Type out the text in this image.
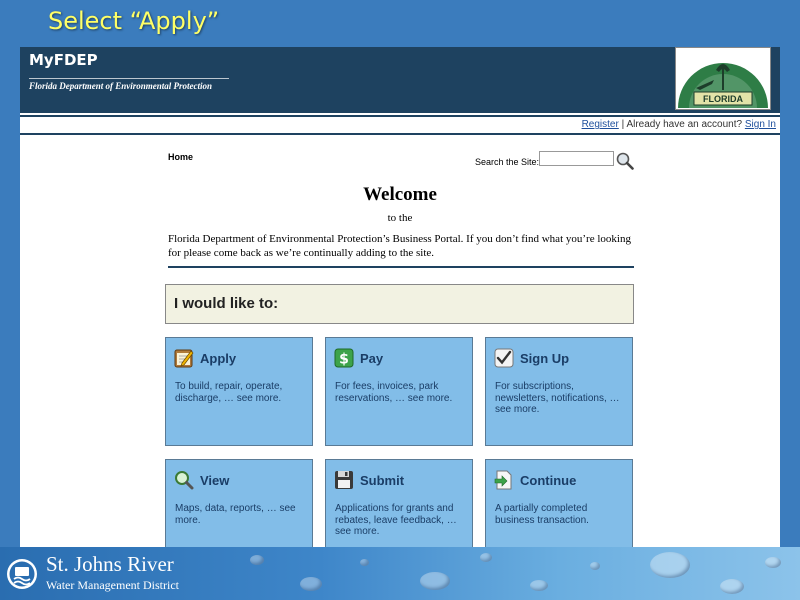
Select “Apply”
MyFDEP
Florida Department of Environmental Protection
FLORIDA
Register | Already have an account? Sign In
Home	Search the Site:
Welcome
to the
Florida Department of Environmental Protection’s Business Portal. If you don’t find what you’re looking for please come back as we’re continually adding to the site.
I would like to:
Apply
To build, repair, operate, discharge, … see more.
$ Pay
For fees, invoices, park reservations, … see more.
Sign Up
For subscriptions, newsletters, notifications, … see more.
View
Maps, data, reports, … see more.
Submit
Applications for grants and rebates, leave feedback, … see more.
Continue
A partially completed business transaction.
St. Johns River
Water Management District
